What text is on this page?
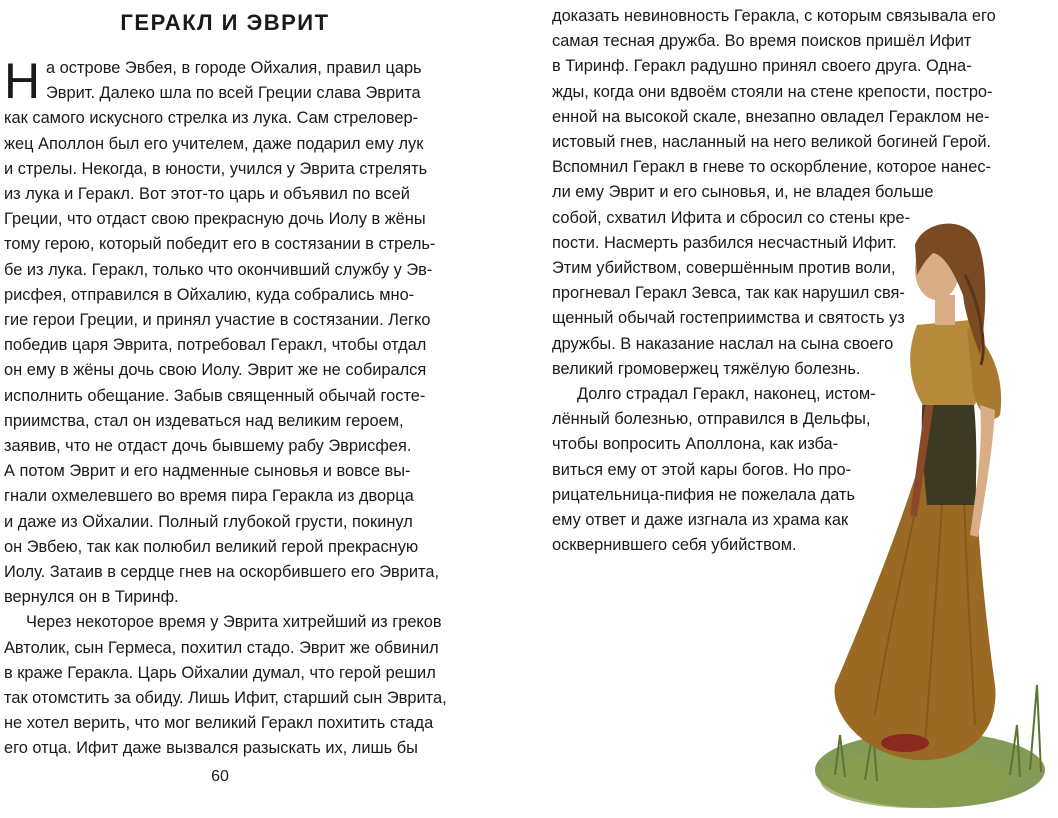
ГЕРАКЛ И ЭВРИТ
Н а острове Эвбея, в городе Ойхалия, правил царь
Эврит. Далеко шла по всей Греции слава Эврита
как самого искусного стрелка из лука. Сам стреловер-
жец Аполлон был его учителем, даже подарил ему лук
и стрелы. Некогда, в юности, учился у Эврита стрелять
из лука и Геракл. Вот этот-то царь и объявил по всей
Греции, что отдаст свою прекрасную дочь Иолу в жёны
тому герою, который победит его в состязании в стрель-
бе из лука. Геракл, только что окончивший службу у Эв-
рисфея, отправился в Ойхалию, куда собрались мно-
гие герои Греции, и принял участие в состязании. Легко
победив царя Эврита, потребовал Геракл, чтобы отдал
он ему в жёны дочь свою Иолу. Эврит же не собирался
исполнить обещание. Забыв священный обычай госте-
приимства, стал он издеваться над великим героем,
заявив, что не отдаст дочь бывшему рабу Эврисфея.
А потом Эврит и его надменные сыновья и вовсе вы-
гнали охмелевшего во время пира Геракла из дворца
и даже из Ойхалии. Полный глубокой грусти, покинул
он Эвбею, так как полюбил великий герой прекрасную
Иолу. Затаив в сердце гнев на оскорбившего его Эврита,
вернулся он в Тиринф.
Через некоторое время у Эврита хитрейший из греков
Автолик, сын Гермеса, похитил стадо. Эврит же обвинил
в краже Геракла. Царь Ойхалии думал, что герой решил
так отомстить за обиду. Лишь Ифит, старший сын Эврита,
не хотел верить, что мог великий Геракл похитить стада
его отца. Ифит даже вызвался разыскать их, лишь бы
60
доказать невиновность Геракла, с которым связывала его
самая тесная дружба. Во время поисков пришёл Ифит
в Тиринф. Геракл радушно принял своего друга. Одна-
жды, когда они вдвоём стояли на стене крепости, постро-
енной на высокой скале, внезапно овладел Гераклом не-
истовый гнев, насланный на него великой богиней Герой.
Вспомнил Геракл в гневе то оскорбление, которое нанес-
ли ему Эврит и его сыновья, и, не владея больше
собой, схватил Ифита и сбросил со стены кре-
пости. Насмерть разбился несчастный Ифит.
Этим убийством, совершённым против воли,
прогневал Геракл Зевса, так как нарушил свя-
щенный обычай гостеприимства и святость уз
дружбы. В наказание наслал на сына своего
великий громовержец тяжёлую болезнь.
Долго страдал Геракл, наконец, истом-
лённый болезнью, отправился в Дельфы,
чтобы вопросить Аполлона, как изба-
виться ему от этой кары богов. Но про-
рицательница-пифия не пожелала дать
ему ответ и даже изгнала из храма как
осквернившего себя убийством.
